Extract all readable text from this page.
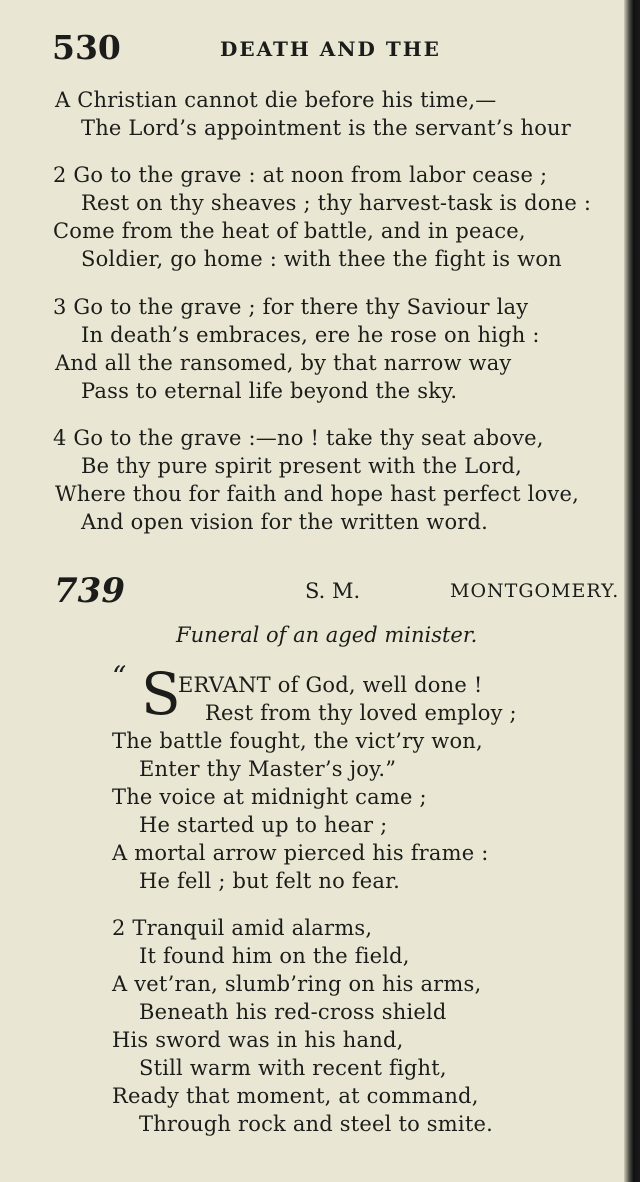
530	DEATH AND THE
A Christian cannot die before his time,—
The Lord’s appointment is the servant’s hour
2 Go to the grave : at noon from labor cease ;
Rest on thy sheaves ; thy harvest-task is done :
Come from the heat of battle, and in peace,
Soldier, go home : with thee the fight is won
3 Go to the grave ; for there thy Saviour lay
In death’s embraces, ere he rose on high :
And all the ransomed, by that narrow way
Pass to eternal life beyond the sky.
4 Go to the grave :—no ! take thy seat above,
Be thy pure spirit present with the Lord,
Where thou for faith and hope hast perfect love,
And open vision for the written word.
739	S. M.	MONTGOMERY.
Funeral of an aged minister.
“ S
ERVANT of God, well done !
Rest from thy loved employ ;
The battle fought, the vict’ry won,
Enter thy Master’s joy.”
The voice at midnight came ;
He started up to hear ;
A mortal arrow pierced his frame :
He fell ; but felt no fear.
2 Tranquil amid alarms,
It found him on the field,
A vet’ran, slumb’ring on his arms,
Beneath his red-cross shield
His sword was in his hand,
Still warm with recent fight,
Ready that moment, at command,
Through rock and steel to smite.
